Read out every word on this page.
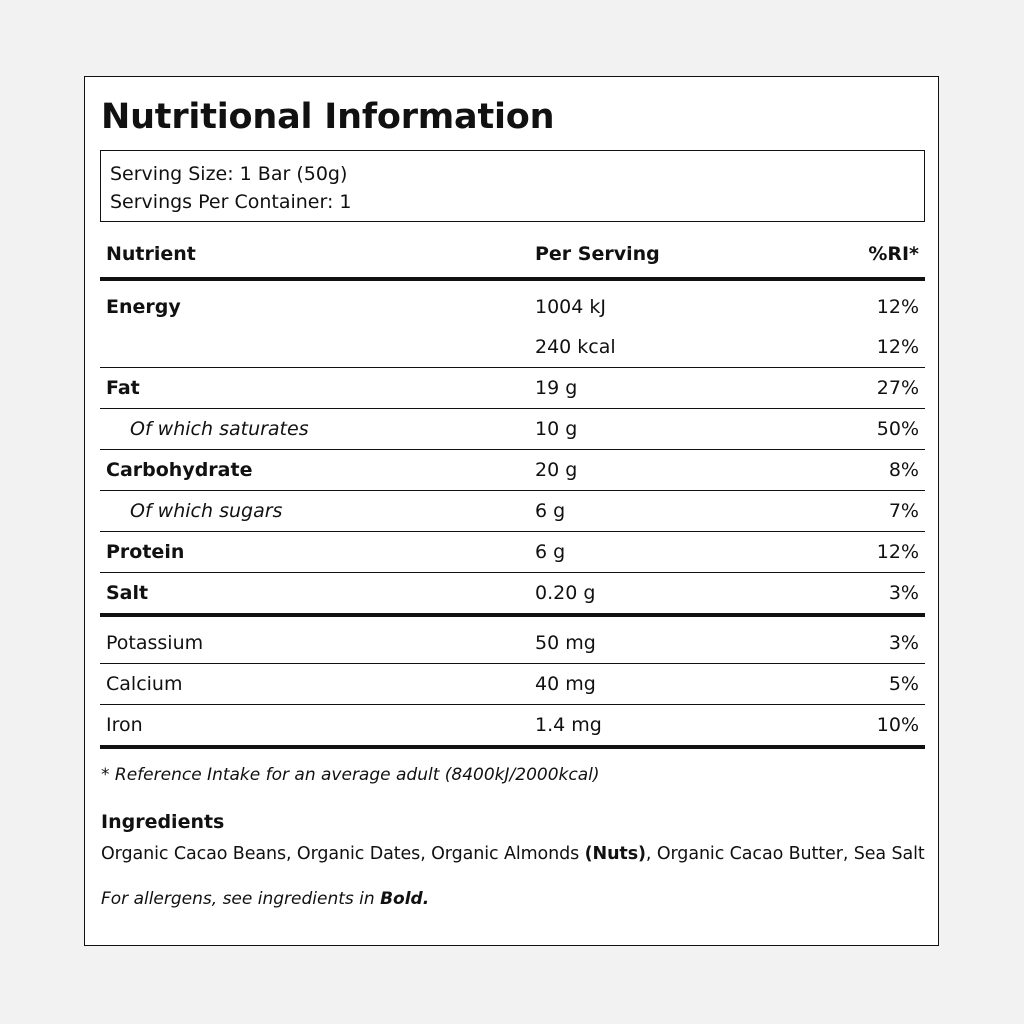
Nutritional Information
Serving Size: 1 Bar (50g)
Servings Per Container: 1
Nutrient	Per Serving	%RI*
Energy	1004 kJ	12%
	240 kcal	12%
Fat	19 g	27%
Of which saturates	10 g	50%
Carbohydrate	20 g	8%
Of which sugars	6 g	7%
Protein	6 g	12%
Salt	0.20 g	3%
Potassium	50 mg	3%
Calcium	40 mg	5%
Iron	1.4 mg	10%
* Reference Intake for an average adult (8400kJ/2000kcal)
Ingredients
Organic Cacao Beans, Organic Dates, Organic Almonds (Nuts), Organic Cacao Butter, Sea Salt
For allergens, see ingredients in Bold.
